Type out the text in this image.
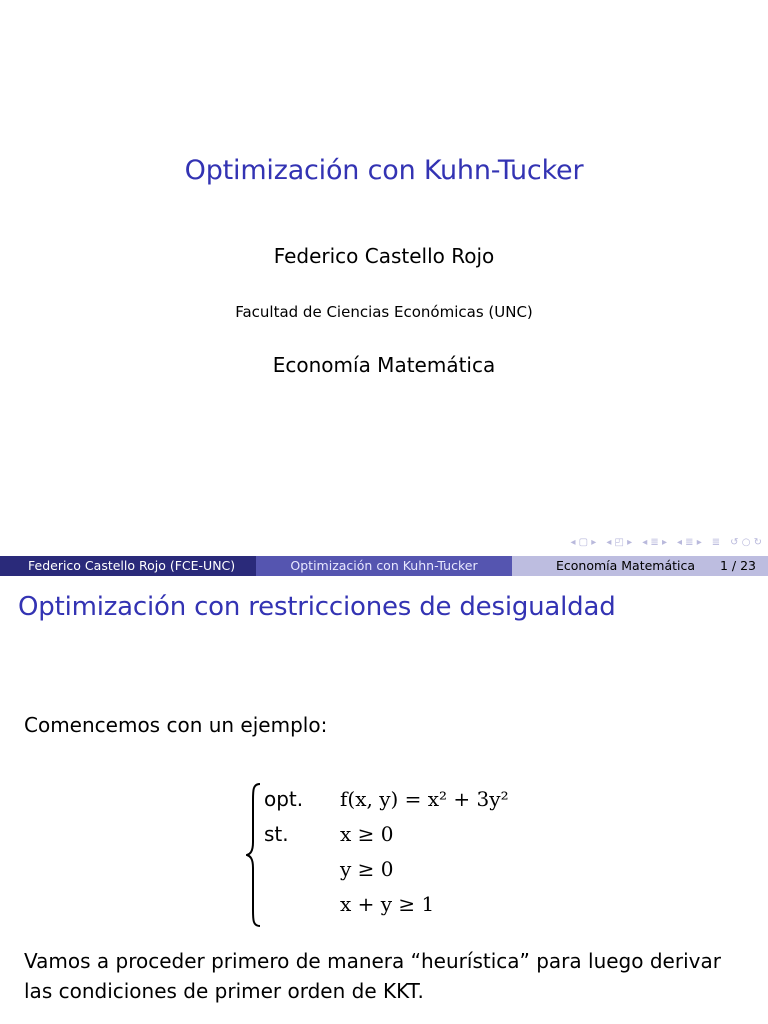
Optimización con Kuhn-Tucker
Federico Castello Rojo
Facultad de Ciencias Económicas (UNC)
Economía Matemática
◂ ▢ ▸ ◂ ◰ ▸ ◂ ≣ ▸ ◂ ≣ ▸ ≣ ↺ ○ ↻
Federico Castello Rojo (FCE-UNC)	Optimización con Kuhn-Tucker	Economía Matemática 1 / 23
Optimización con restricciones de desigualdad
Comencemos con un ejemplo:
opt.	f(x, y) = x² + 3y²
st.	x ≥ 0
y ≥ 0
x + y ≥ 1
Vamos a proceder primero de manera “heurística” para luego derivar las condiciones de primer orden de KKT.
